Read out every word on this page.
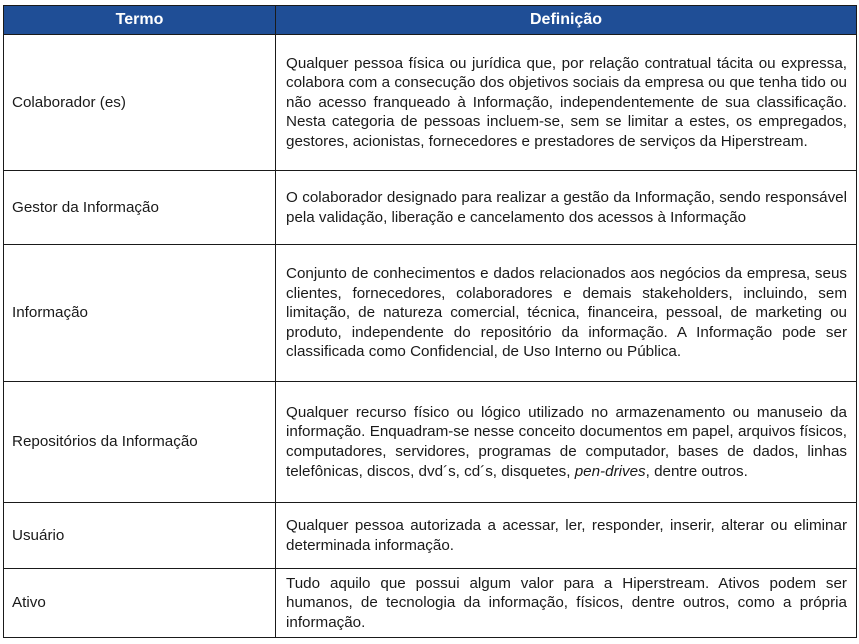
Termo	Definição
Colaborador (es)	Qualquer pessoa física ou jurídica que, por relação contratual tácita ou expressa, colabora com a consecução dos objetivos sociais da empresa ou que tenha tido ou não acesso franqueado à Informação, independentemente de sua classificação. Nesta categoria de pessoas incluem-se, sem se limitar a estes, os empregados, gestores, acionistas, fornecedores e prestadores de serviços da Hiperstream.
Gestor da Informação	O colaborador designado para realizar a gestão da Informação, sendo responsável pela validação, liberação e cancelamento dos acessos à Informação
Informação	Conjunto de conhecimentos e dados relacionados aos negócios da empresa, seus clientes, fornecedores, colaboradores e demais stakeholders, incluindo, sem limitação, de natureza comercial, técnica, financeira, pessoal, de marketing ou produto, independente do repositório da informação. A Informação pode ser classificada como Confidencial, de Uso Interno ou Pública.
Repositórios da Informação	Qualquer recurso físico ou lógico utilizado no armazenamento ou manuseio da informação. Enquadram-se nesse conceito documentos em papel, arquivos físicos, computadores, servidores, programas de computador, bases de dados, linhas telefônicas, discos, dvd´s, cd´s, disquetes, pen-drives, dentre outros.
Usuário	Qualquer pessoa autorizada a acessar, ler, responder, inserir, alterar ou eliminar determinada informação.
Ativo	Tudo aquilo que possui algum valor para a Hiperstream. Ativos podem ser humanos, de tecnologia da informação, físicos, dentre outros, como a própria informação.
